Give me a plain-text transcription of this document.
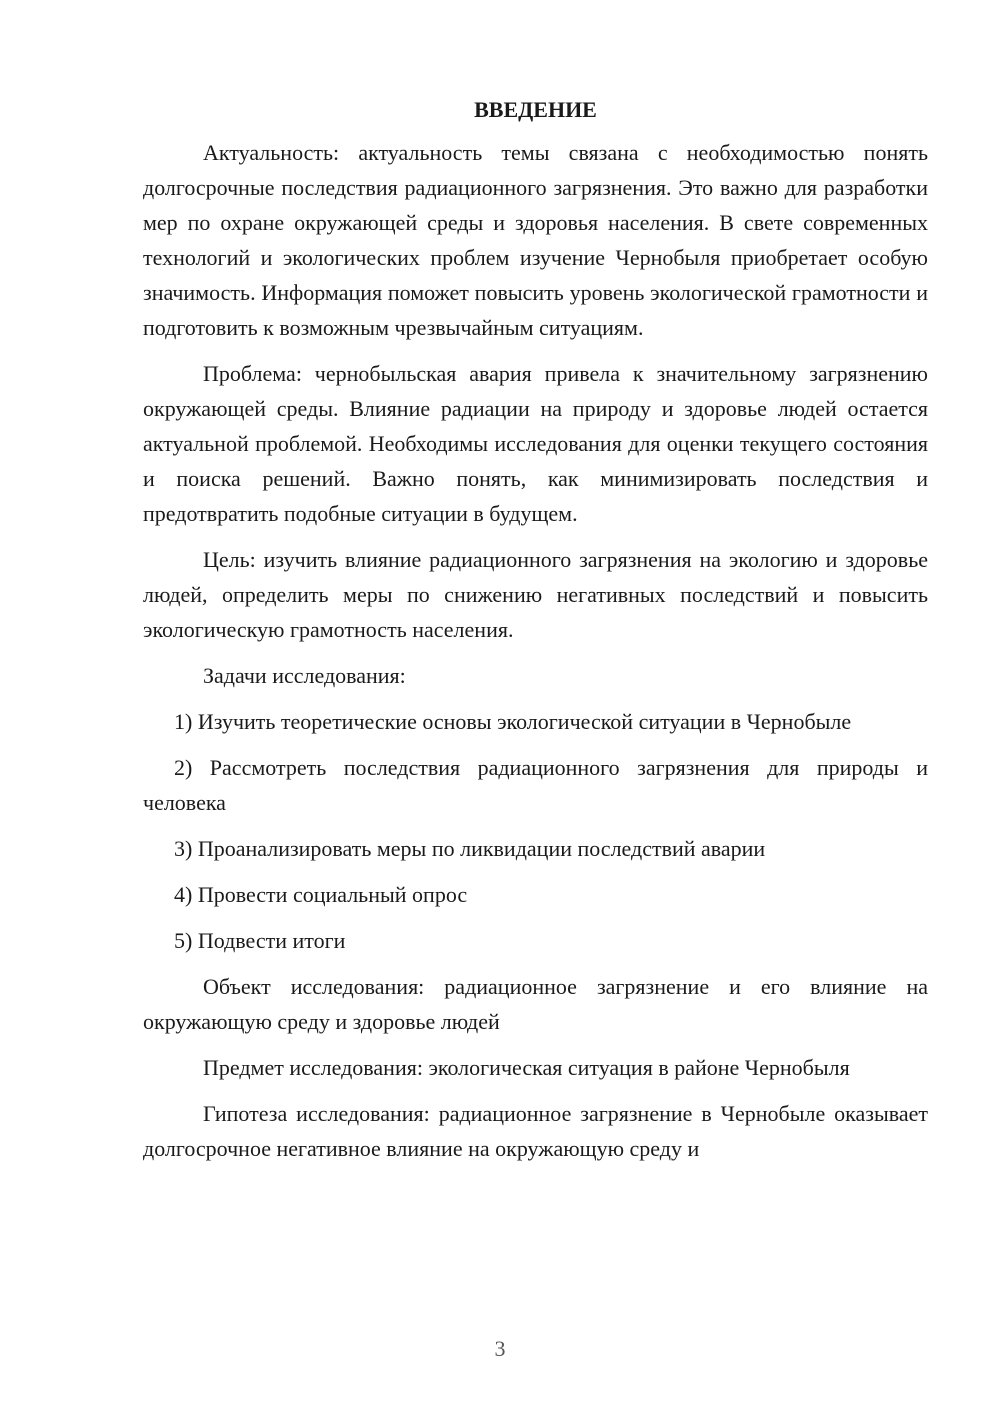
ВВЕДЕНИЕ

Актуальность: актуальность темы связана с необходимостью понять долгосрочные последствия радиационного загрязнения. Это важно для разработки мер по охране окружающей среды и здоровья населения. В свете современных технологий и экологических проблем изучение Чернобыля приобретает особую значимость. Информация поможет повысить уровень экологической грамотности и подготовить к возможным чрезвычайным ситуациям.

Проблема: чернобыльская авария привела к значительному загрязнению окружающей среды. Влияние радиации на природу и здоровье людей остается актуальной проблемой. Необходимы исследования для оценки текущего состояния и поиска решений. Важно понять, как минимизировать последствия и предотвратить подобные ситуации в будущем.

Цель: изучить влияние радиационного загрязнения на экологию и здоровье людей, определить меры по снижению негативных последствий и повысить экологическую грамотность населения.

Задачи исследования:

1) Изучить теоретические основы экологической ситуации в Чернобыле

2) Рассмотреть последствия радиационного загрязнения для природы и человека

3) Проанализировать меры по ликвидации последствий аварии

4) Провести социальный опрос

5) Подвести итоги

Объект исследования: радиационное загрязнение и его влияние на окружающую среду и здоровье людей

Предмет исследования: экологическая ситуация в районе Чернобыля

Гипотеза исследования: радиационное загрязнение в Чернобыле оказывает долгосрочное негативное влияние на окружающую среду и

3
